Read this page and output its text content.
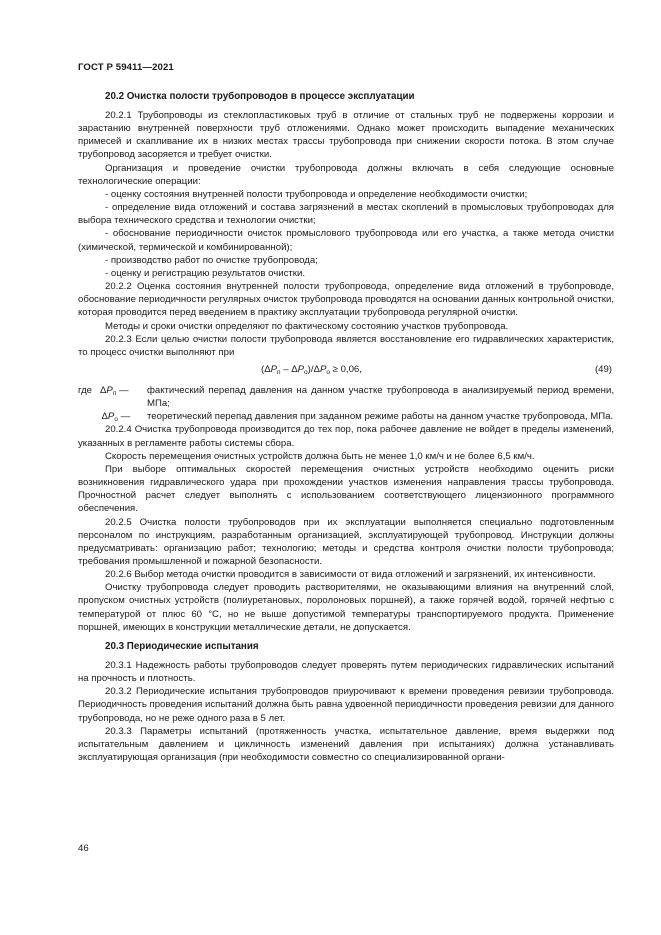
ГОСТ Р 59411—2021
20.2 Очистка полости трубопроводов в процессе эксплуатации

20.2.1 Трубопроводы из стеклопластиковых труб в отличие от стальных труб не подвержены коррозии и зарастанию внутренней поверхности труб отложениями. Однако может происходить выпадение механических примесей и скапливание их в низких местах трассы трубопровода при снижении скорости потока. В этом случае трубопровод засоряется и требует очистки.

Организация и проведение очистки трубопровода должны включать в себя следующие основные технологические операции:

- оценку состояния внутренней полости трубопровода и определение необходимости очистки;

- определение вида отложений и состава загрязнений в местах скоплений в промысловых трубопроводах для выбора технического средства и технологии очистки;

- обоснование периодичности очисток промыслового трубопровода или его участка, а также метода очистки (химической, термической и комбинированной);

- производство работ по очистке трубопровода;

- оценку и регистрацию результатов очистки.

20.2.2 Оценка состояния внутренней полости трубопровода, определение вида отложений в трубопроводе, обоснование периодичности регулярных очисток трубопровода проводятся на основании данных контрольной очистки, которая проводится перед введением в практику эксплуатации трубопровода регулярной очистки.

Методы и сроки очистки определяют по фактическому состоянию участков трубопровода.

20.2.3 Если целью очистки полости трубопровода является восстановление его гидравлических характеристик, то процесс очистки выполняют при

$(\Delta P_п - \Delta P_о)/\Delta P_о \ge 0,06$,	(49)
где   $\Delta P_п$ —	фактический перепад давления на данном участке трубопровода в анализируемый период времени, МПа;
$\Delta P_о$ —	теоретический перепад давления при заданном режиме работы на данном участке трубопровода, МПа.

20.2.4 Очистка трубопровода производится до тех пор, пока рабочее давление не войдет в пределы изменений, указанных в регламенте работы системы сбора.

Скорость перемещения очистных устройств должна быть не менее 1,0 км/ч и не более 6,5 км/ч.

При выборе оптимальных скоростей перемещения очистных устройств необходимо оценить риски возникновения гидравлического удара при прохождении участков изменения направления трассы трубопровода. Прочностной расчет следует выполнять с использованием соответствующего лицензионного программного обеспечения.

20.2.5 Очистка полости трубопроводов при их эксплуатации выполняется специально подготовленным персоналом по инструкциям, разработанным организацией, эксплуатирующей трубопровод. Инструкции должны предусматривать: организацию работ; технологию; методы и средства контроля очистки полости трубопровода; требования промышленной и пожарной безопасности.

20.2.6 Выбор метода очистки проводится в зависимости от вида отложений и загрязнений, их интенсивности.

Очистку трубопровода следует проводить растворителями, не оказывающими влияния на внутренний слой, пропуском очистных устройств (полиуретановых, поролоновых поршней), а также горячей водой, горячей нефтью с температурой от плюс 60 °С, но не выше допустимой температуры транспортируемого продукта. Применение поршней, имеющих в конструкции металлические детали, не допускается.

20.3 Периодические испытания

20.3.1 Надежность работы трубопроводов следует проверять путем периодических гидравлических испытаний на прочность и плотность.

20.3.2 Периодические испытания трубопроводов приурочивают к времени проведения ревизии трубопровода. Периодичность проведения испытаний должна быть равна удвоенной периодичности проведения ревизии для данного трубопровода, но не реже одного раза в 5 лет.

20.3.3 Параметры испытаний (протяженность участка, испытательное давление, время выдержки под испытательным давлением и цикличность изменений давления при испытаниях) должна устанавливать эксплуатирующая организация (при необходимости совместно со специализированной органи-

46
